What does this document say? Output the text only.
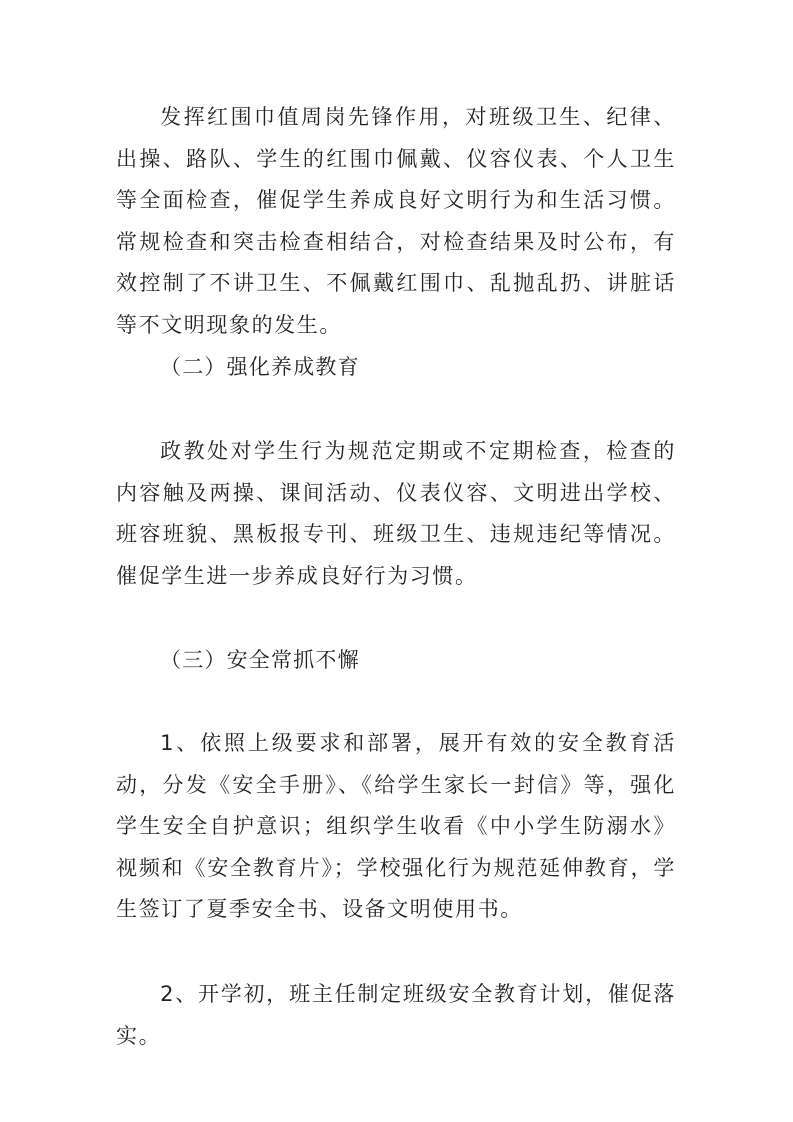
发挥红围巾值周岗先锋作用，对班级卫生、纪律、出操、路队、学生的红围巾佩戴、仪容仪表、个人卫生等全面检查，催促学生养成良好文明行为和生活习惯。常规检查和突击检查相结合，对检查结果及时公布，有效控制了不讲卫生、不佩戴红围巾、乱抛乱扔、讲脏话等不文明现象的发生。

（二）强化养成教育

政教处对学生行为规范定期或不定期检查，检查的内容触及两操、课间活动、仪表仪容、文明进出学校、班容班貌、黑板报专刊、班级卫生、违规违纪等情况。催促学生进一步养成良好行为习惯。

（三）安全常抓不懈

1、依照上级要求和部署，展开有效的安全教育活动，分发《安全手册》、《给学生家长一封信》等，强化学生安全自护意识；组织学生收看《中小学生防溺水》视频和《安全教育片》；学校强化行为规范延伸教育，学生签订了夏季安全书、设备文明使用书。

2、开学初，班主任制定班级安全教育计划，催促落实。
